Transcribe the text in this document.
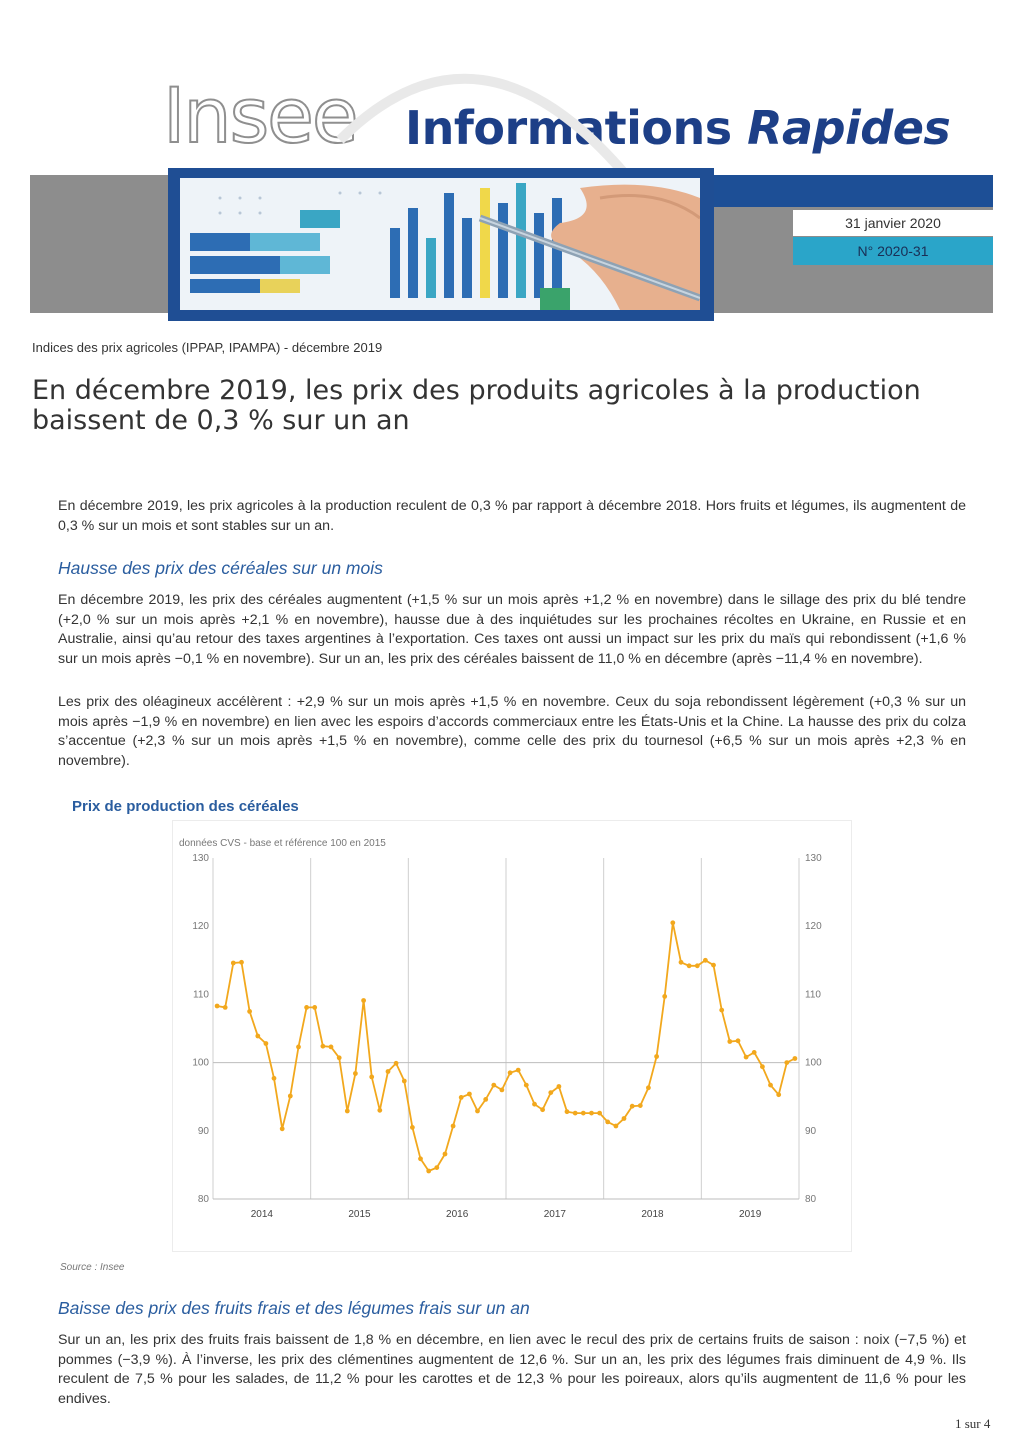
Insee Informations Rapides
31 janvier 2020
N° 2020-31
Indices des prix agricoles (IPPAP, IPAMPA) - décembre 2019
En décembre 2019, les prix des produits agricoles à la production
baissent de 0,3 % sur un an

En décembre 2019, les prix agricoles à la production reculent de 0,3 % par rapport à décembre 2018. Hors fruits et légumes, ils augmentent de 0,3 % sur un mois et sont stables sur un an.

Hausse des prix des céréales sur un mois

En décembre 2019, les prix des céréales augmentent (+1,5 % sur un mois après +1,2 % en novembre) dans le sillage des prix du blé tendre (+2,0 % sur un mois après +2,1 % en novembre), hausse due à des inquiétudes sur les prochaines récoltes en Ukraine, en Russie et en Australie, ainsi qu’au retour des taxes argentines à l’exportation. Ces taxes ont aussi un impact sur les prix du maïs qui rebondissent (+1,6 % sur un mois après −0,1 % en novembre). Sur un an, les prix des céréales baissent de 11,0 % en décembre (après −11,4 % en novembre).

Les prix des oléagineux accélèrent : +2,9 % sur un mois après +1,5 % en novembre. Ceux du soja rebondissent légèrement (+0,3 % sur un mois après −1,9 % en novembre) en lien avec les espoirs d’accords commerciaux entre les États-Unis et la Chine. La hausse des prix du colza s’accentue (+2,3 % sur un mois après +1,5 % en novembre), comme celle des prix du tournesol (+6,5 % sur un mois après +2,3 % en novembre).

Prix de production des céréales
données CVS - base et référence 100 en 2015
80	80
90	90
100	100
110	110
120	120
130	130
2014	2015	2016	2017	2018	2019
Source : Insee
Baisse des prix des fruits frais et des légumes frais sur un an

Sur un an, les prix des fruits frais baissent de 1,8 % en décembre, en lien avec le recul des prix de certains fruits de saison : noix (−7,5 %) et pommes (−3,9 %). À l’inverse, les prix des clémentines augmentent de 12,6 %. Sur un an, les prix des légumes frais diminuent de 4,9 %. Ils reculent de 7,5 % pour les salades, de 11,2 % pour les carottes et de 12,3 % pour les poireaux, alors qu’ils augmentent de 11,6 % pour les endives.

1 sur 4
